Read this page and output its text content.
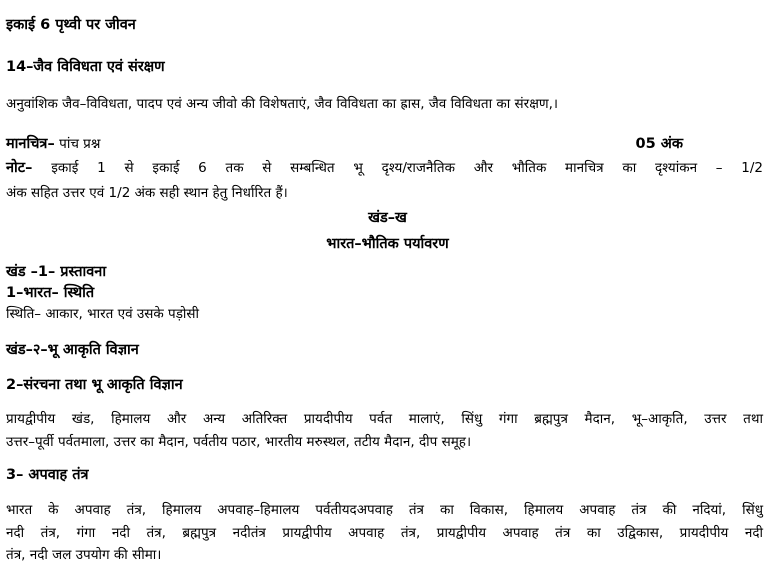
इकाई 6 पृथ्वी पर जीवन
14–जैव विविधता एवं संरक्षण
अनुवांशिक जैव–विविधता, पादप एवं अन्य जीवो की विशेषताएं, जैव विविधता का ह्रास, जैव विविधता का संरक्षण,।
मानचित्र– पांच प्रश्न	05 अंक
नोट– इकाई 1 से इकाई 6 तक से सम्बन्धित भू दृश्य/राजनैतिक और भौतिक मानचित्र का दृश्यांकन – 1/2
अंक सहित उत्तर एवं 1/2 अंक सही स्थान हेतु निर्धारित हैं।
खंड–ख
भारत–भौतिक पर्यावरण
खंड –1– प्रस्तावना
1–भारत– स्थिति
स्थिति– आकार, भारत एवं उसके पड़ोसी
खंड–२–भू आकृति विज्ञान
2–संरचना तथा भू आकृति विज्ञान
प्रायद्वीपीय खंड, हिमालय और अन्य अतिरिक्त प्रायदीपीय पर्वत मालाएं, सिंधु गंगा ब्रह्मपुत्र मैदान, भू–आकृति, उत्तर तथा
उत्तर–पूर्वी पर्वतमाला, उत्तर का मैदान, पर्वतीय पठार, भारतीय मरुस्थल, तटीय मैदान, दीप समूह।
3– अपवाह तंत्र
भारत के अपवाह तंत्र, हिमालय अपवाह–हिमालय पर्वतीयदअपवाह तंत्र का विकास, हिमालय अपवाह तंत्र की नदियां, सिंधु
नदी तंत्र, गंगा नदी तंत्र, ब्रह्मपुत्र नदीतंत्र प्रायद्वीपीय अपवाह तंत्र, प्रायद्वीपीय अपवाह तंत्र का उद्विकास, प्रायदीपीय नदी
तंत्र, नदी जल उपयोग की सीमा।
